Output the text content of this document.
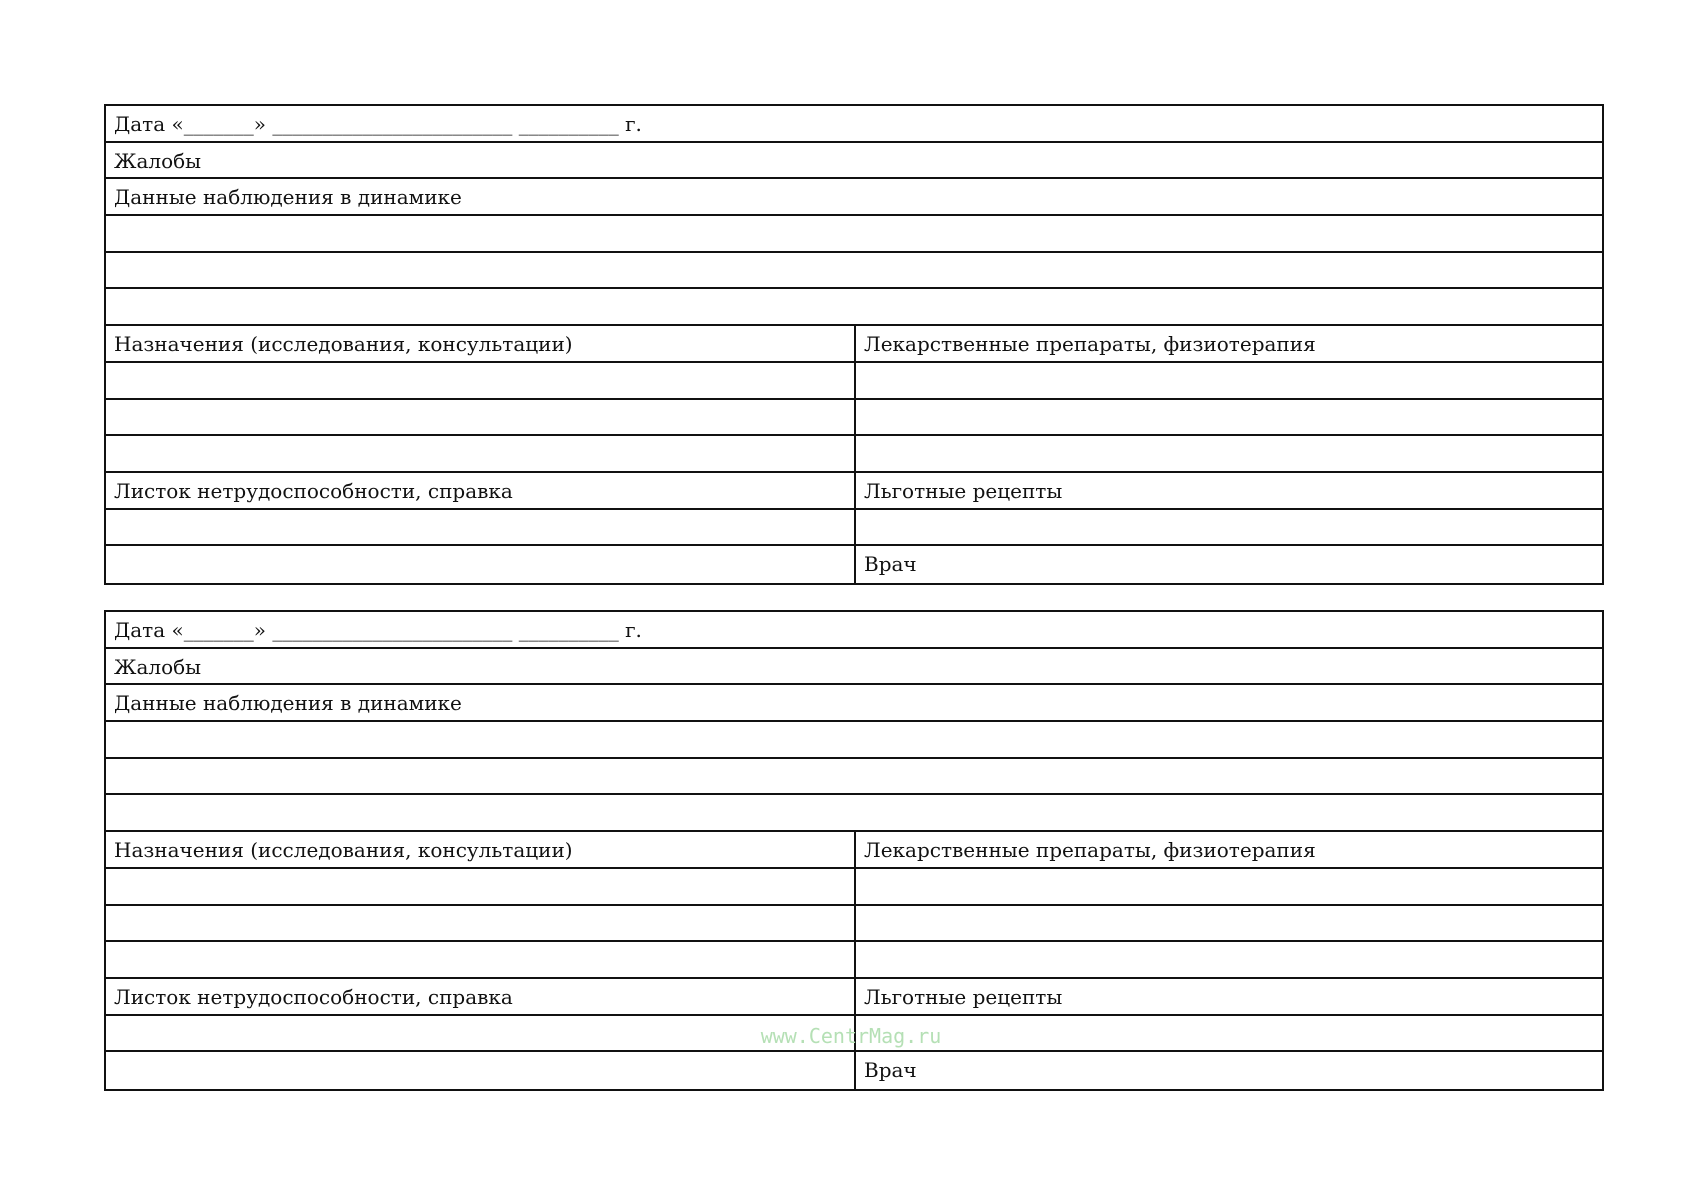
Дата «_______» ________________________ __________ г.
Жалобы
Данные наблюдения в динамике
Назначения (исследования, консультации)	Лекарственные препараты, физиотерапия
Листок нетрудоспособности, справка	Льготные рецепты
Врач
Дата «_______» ________________________ __________ г.
Жалобы
Данные наблюдения в динамике
Назначения (исследования, консультации)	Лекарственные препараты, физиотерапия
Листок нетрудоспособности, справка	Льготные рецепты
Врач
www.CentrMag.ru
